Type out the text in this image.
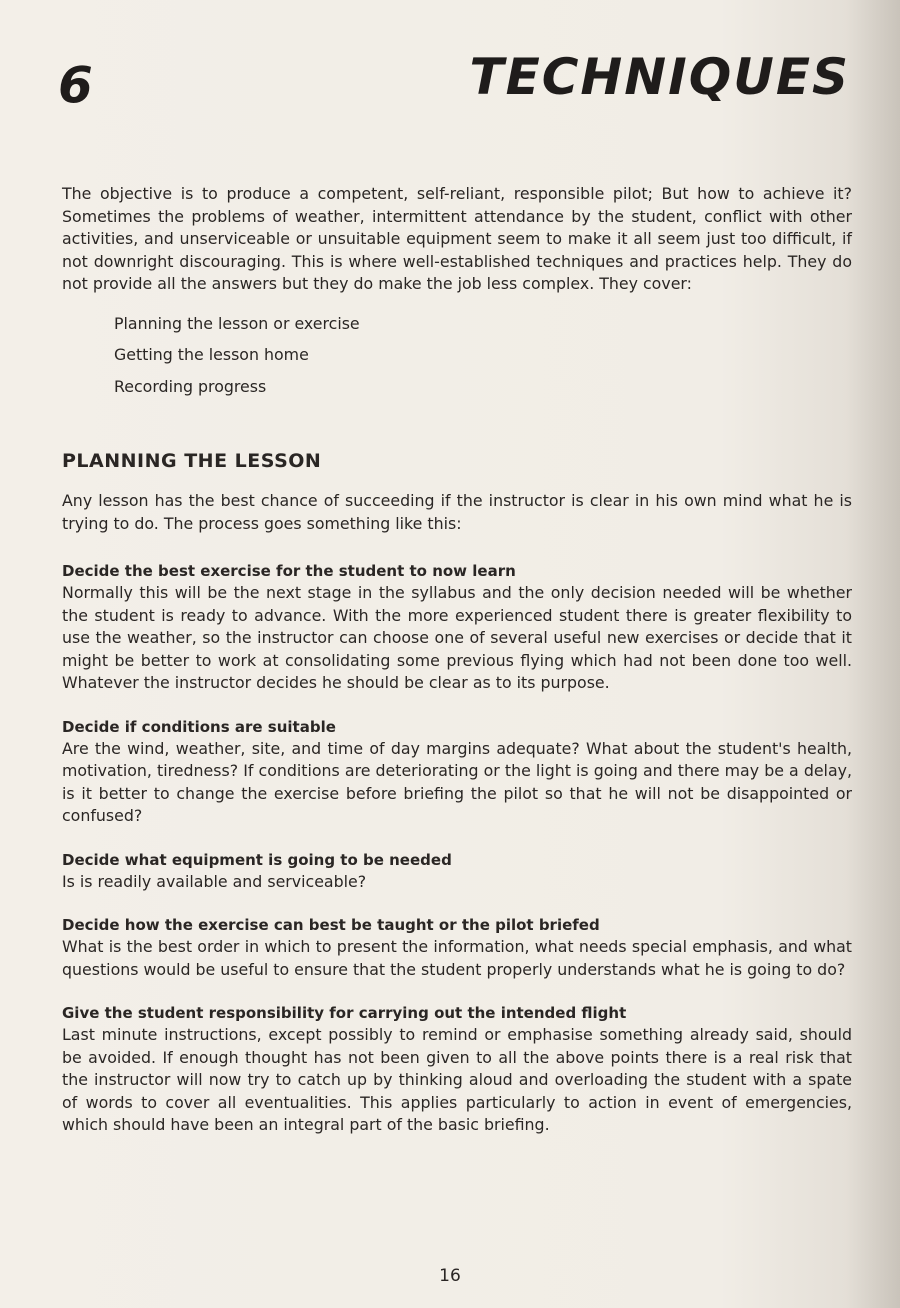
6	TECHNIQUES

The objective is to produce a competent, self-reliant, responsible pilot; But how to achieve it? Sometimes the problems of weather, intermittent attendance by the student, conflict with other activities, and unserviceable or unsuitable equipment seem to make it all seem just too difficult, if not downright discouraging. This is where well-established techniques and practices help. They do not provide all the answers but they do make the job less complex. They cover:

Planning the lesson or exercise
Getting the lesson home
Recording progress
PLANNING THE LESSON

Any lesson has the best chance of succeeding if the instructor is clear in his own mind what he is trying to do. The process goes something like this:

Decide the best exercise for the student to now learn

Normally this will be the next stage in the syllabus and the only decision needed will be whether the student is ready to advance. With the more experienced student there is greater flexibility to use the weather, so the instructor can choose one of several useful new exercises or decide that it might be better to work at consolidating some previous flying which had not been done too well. Whatever the instructor decides he should be clear as to its purpose.

Decide if conditions are suitable

Are the wind, weather, site, and time of day margins adequate? What about the student's health, motivation, tiredness? If conditions are deteriorating or the light is going and there may be a delay, is it better to change the exercise before briefing the pilot so that he will not be disappointed or confused?

Decide what equipment is going to be needed

Is is readily available and serviceable?

Decide how the exercise can best be taught or the pilot briefed

What is the best order in which to present the information, what needs special emphasis, and what questions would be useful to ensure that the student properly understands what he is going to do?

Give the student responsibility for carrying out the intended flight

Last minute instructions, except possibly to remind or emphasise something already said, should be avoided. If enough thought has not been given to all the above points there is a real risk that the instructor will now try to catch up by thinking aloud and overloading the student with a spate of words to cover all eventualities. This applies particularly to action in event of emergencies, which should have been an integral part of the basic briefing.

16
